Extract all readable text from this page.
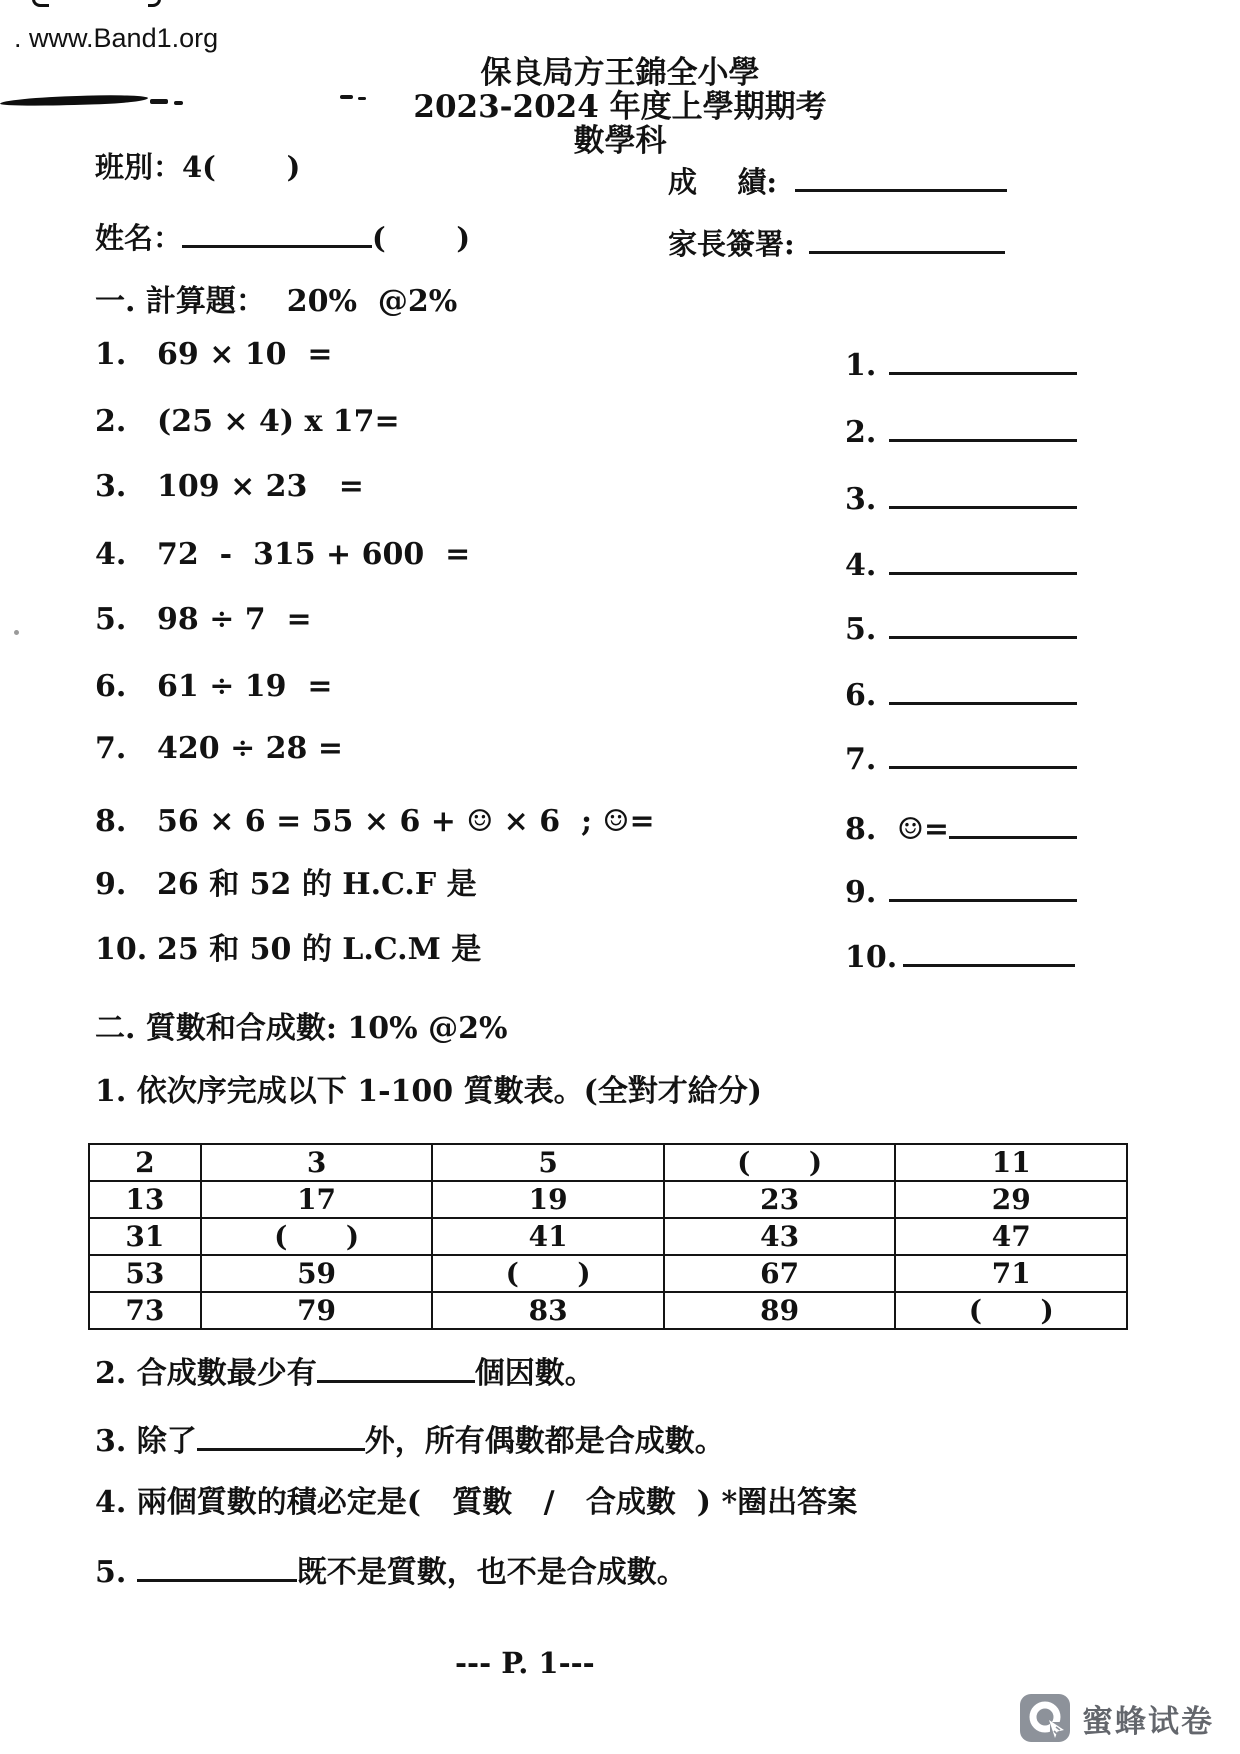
. www.Band1.org
保良局方王錦全小學
2023-2024 年度上學期期考
數學科
班別：4(       )	成    績:
姓名：	(       )	家長簽署:
一. 計算題：  20%  @2%
1. 69 × 10  =
2. (25 × 4) x 17=
3. 109 × 23   =
4. 72  -  315 + 600  =
5. 98 ÷ 7  =
6. 61 ÷ 19  =
7. 420 ÷ 28 =
8. 56 × 6 = 55 × 6 + ☺ × 6  ; ☺=
9. 26 和 52 的 H.C.F 是
10. 25 和 50 的 L.C.M 是
1.
2.
3.
4.
5.
6.
7.
8. ☺=
9.
10.
二. 質數和合成數: 10% @2%
1. 依次序完成以下 1-100 質數表。(全對才給分)
2	3	5	(      )	11
13	17	19	23	29
31	(      )	41	43	47
53	59	(      )	67	71
73	79	83	89	(      )
2. 合成數最少有	個因數。
3. 除了	外，所有偶數都是合成數。
4. 兩個質數的積必定是(   質數   /   合成數  ) *圈出答案
5.	既不是質數，也不是合成數。
--- P. 1---
蜜蜂试卷
